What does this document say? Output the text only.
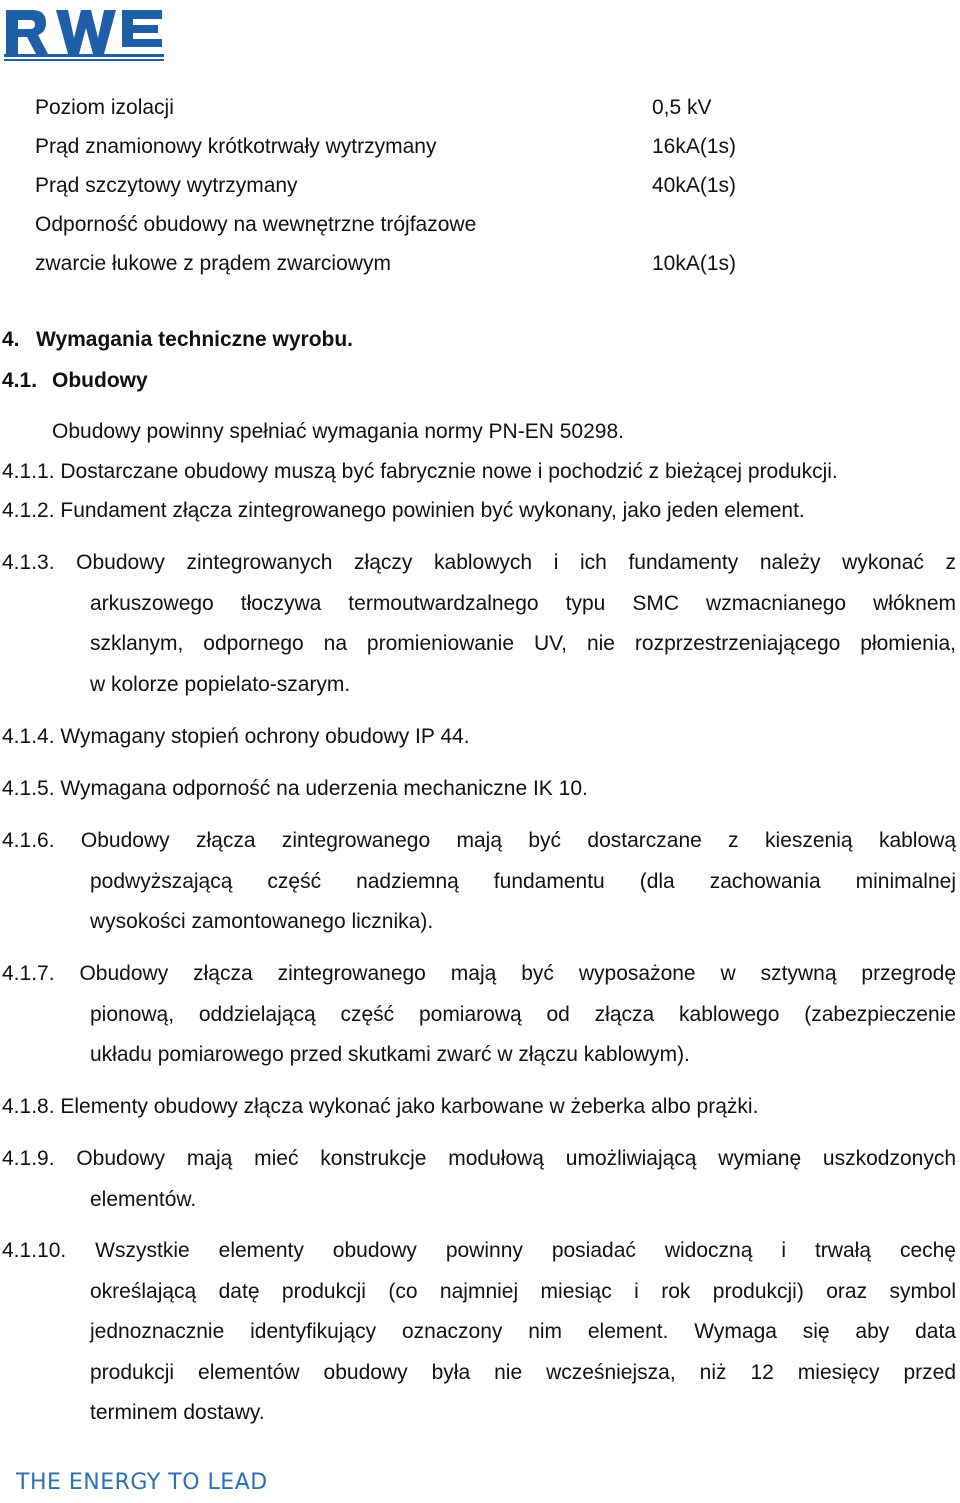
Poziom izolacji	0,5 kV
Prąd znamionowy krótkotrwały wytrzymany	16kA(1s)
Prąd szczytowy wytrzymany	40kA(1s)
Odporność obudowy na wewnętrzne trójfazowe
zwarcie łukowe z prądem zwarciowym	10kA(1s)
4. Wymagania techniczne wyrobu.
4.1. Obudowy
Obudowy powinny spełniać wymagania normy PN-EN 50298.
4.1.1. Dostarczane obudowy muszą być fabrycznie nowe i pochodzić z bieżącej produkcji.
4.1.2. Fundament złącza zintegrowanego powinien być wykonany, jako jeden element.
4.1.3. Obudowy zintegrowanych złączy kablowych i ich fundamenty należy wykonać z
arkuszowego tłoczywa termoutwardzalnego typu SMC wzmacnianego włóknem
szklanym, odpornego na promieniowanie UV, nie rozprzestrzeniającego płomienia,
w kolorze popielato-szarym.
4.1.4. Wymagany stopień ochrony obudowy IP 44.
4.1.5. Wymagana odporność na uderzenia mechaniczne IK 10.
4.1.6. Obudowy złącza zintegrowanego mają być dostarczane z kieszenią kablową
podwyższającą część nadziemną fundamentu (dla zachowania minimalnej
wysokości zamontowanego licznika).
4.1.7. Obudowy złącza zintegrowanego mają być wyposażone w sztywną przegrodę
pionową, oddzielającą część pomiarową od złącza kablowego (zabezpieczenie
układu pomiarowego przed skutkami zwarć w złączu kablowym).
4.1.8. Elementy obudowy złącza wykonać jako karbowane w żeberka albo prążki.
4.1.9. Obudowy mają mieć konstrukcje modułową umożliwiającą wymianę uszkodzonych
elementów.
4.1.10. Wszystkie elementy obudowy powinny posiadać widoczną i trwałą cechę
określającą datę produkcji (co najmniej miesiąc i rok produkcji) oraz symbol
jednoznacznie identyfikujący oznaczony nim element. Wymaga się aby data
produkcji elementów obudowy była nie wcześniejsza, niż 12 miesięcy przed
terminem dostawy.
THE ENERGY TO LEAD
